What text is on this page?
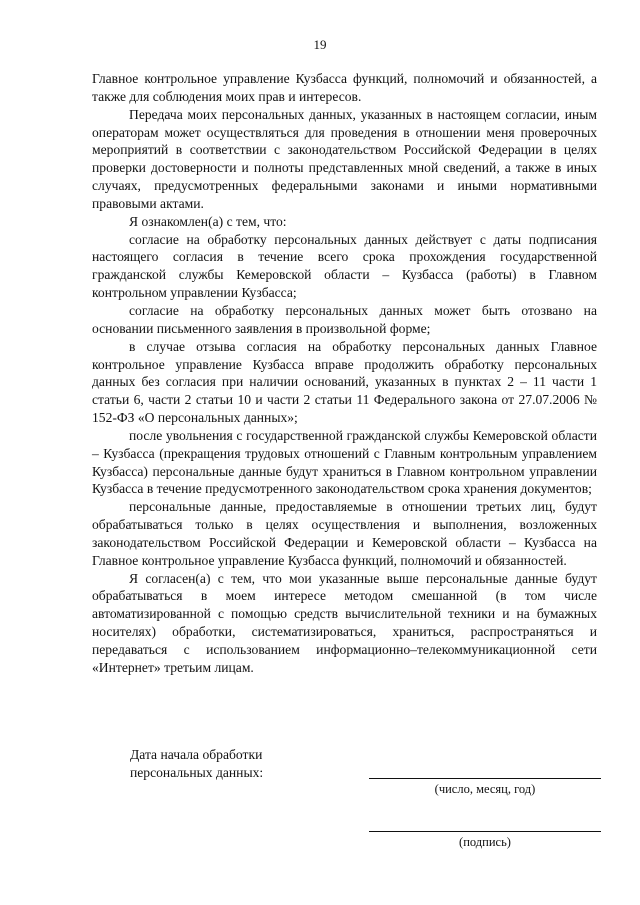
19

Главное контрольное управление Кузбасса функций, полномочий и обязанностей, а также для соблюдения моих прав и интересов.

Передача моих персональных данных, указанных в настоящем согласии, иным операторам может осуществляться для проведения в отношении меня проверочных мероприятий в соответствии с законодательством Российской Федерации в целях проверки достоверности и полноты представленных мной сведений, а также в иных случаях, предусмотренных федеральными законами и иными нормативными правовыми актами.

Я ознакомлен(а) с тем, что:

согласие на обработку персональных данных действует с даты подписания настоящего согласия в течение всего срока прохождения государственной гражданской службы Кемеровской области – Кузбасса (работы) в Главном контрольном управлении Кузбасса;

согласие на обработку персональных данных может быть отозвано на основании письменного заявления в произвольной форме;

в случае отзыва согласия на обработку персональных данных Главное контрольное управление Кузбасса вправе продолжить обработку персональных данных без согласия при наличии оснований, указанных в пунктах 2 – 11 части 1 статьи 6, части 2 статьи 10 и части 2 статьи 11 Федерального закона от 27.07.2006 № 152-ФЗ «О персональных данных»;

после увольнения с государственной гражданской службы Кемеровской области – Кузбасса (прекращения трудовых отношений с Главным контрольным управлением Кузбасса) персональные данные будут храниться в Главном контрольном управлении Кузбасса в течение предусмотренного законодательством срока хранения документов;

персональные данные, предоставляемые в отношении третьих лиц, будут обрабатываться только в целях осуществления и выполнения, возложенных законодательством Российской Федерации и Кемеровской области – Кузбасса на Главное контрольное управление Кузбасса функций, полномочий и обязанностей.

Я согласен(а) с тем, что мои указанные выше персональные данные будут обрабатываться в моем интересе методом смешанной (в том числе автоматизированной с помощью средств вычислительной техники и на бумажных носителях) обработки, систематизироваться, храниться, распространяться и передаваться с использованием информационно–телекоммуникационной сети «Интернет» третьим лицам.

Дата начала обработки
персональных данных:
(число, месяц, год)
(подпись)
